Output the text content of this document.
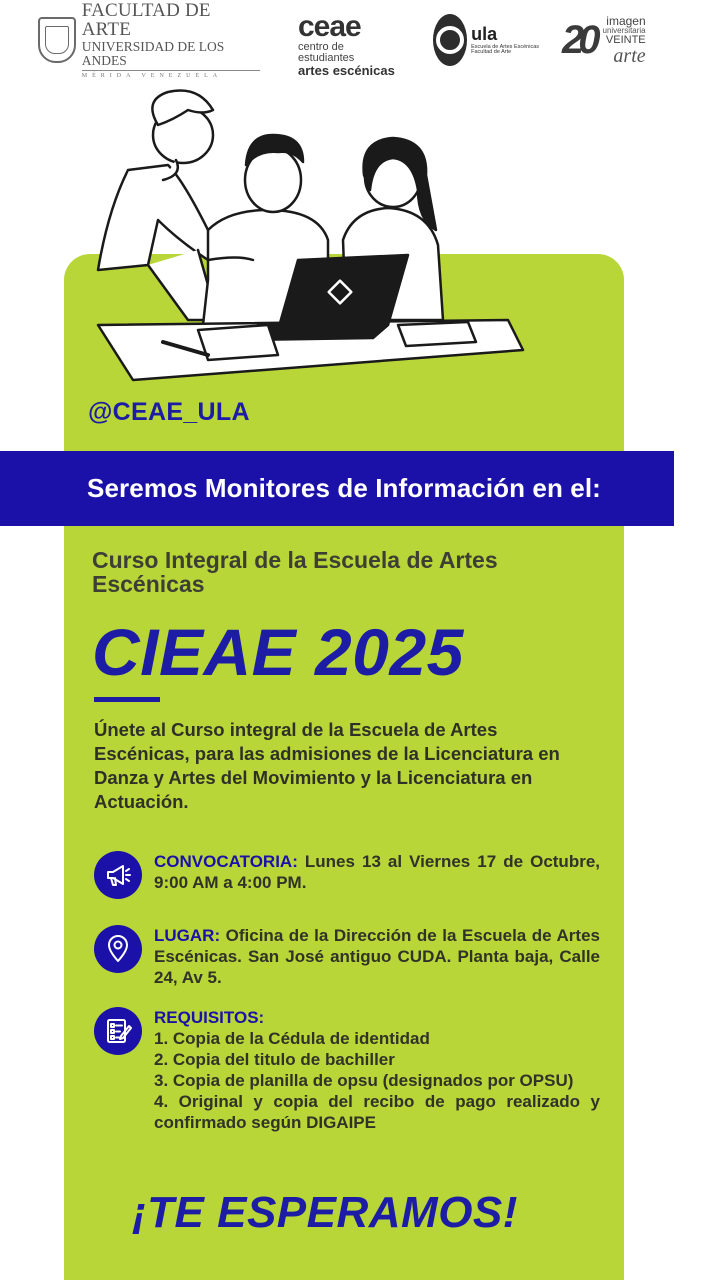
FACULTAD DE ARTE
UNIVERSIDAD DE LOS ANDES
MÉRIDA VENEZUELA
ceae
centro de estudiantes
artes escénicas
ula
Escuela de Artes Escénicas Facultad de Arte	20 imagen
universitaria
VEINTE
arte
@CEAE_ULA
Seremos Monitores de Información en el:
Curso Integral de la Escuela de Artes Escénicas
CIEAE 2025
Únete al Curso integral de la Escuela de Artes Escénicas, para las admisiones de la Licenciatura en Danza y Artes del Movimiento y la Licenciatura en Actuación.
CONVOCATORIA: Lunes 13 al Viernes 17 de Octubre, 9:00 AM a 4:00 PM.
LUGAR: Oficina de la Dirección de la Escuela de Artes Escénicas. San José antiguo CUDA. Planta baja, Calle 24, Av 5.
REQUISITOS:
1. Copia de la Cédula de identidad
2. Copia del titulo de bachiller
3. Copia de planilla de opsu (designados por OPSU)
4. Original y copia del recibo de pago realizado y confirmado según DIGAIPE
¡TE ESPERAMOS!
